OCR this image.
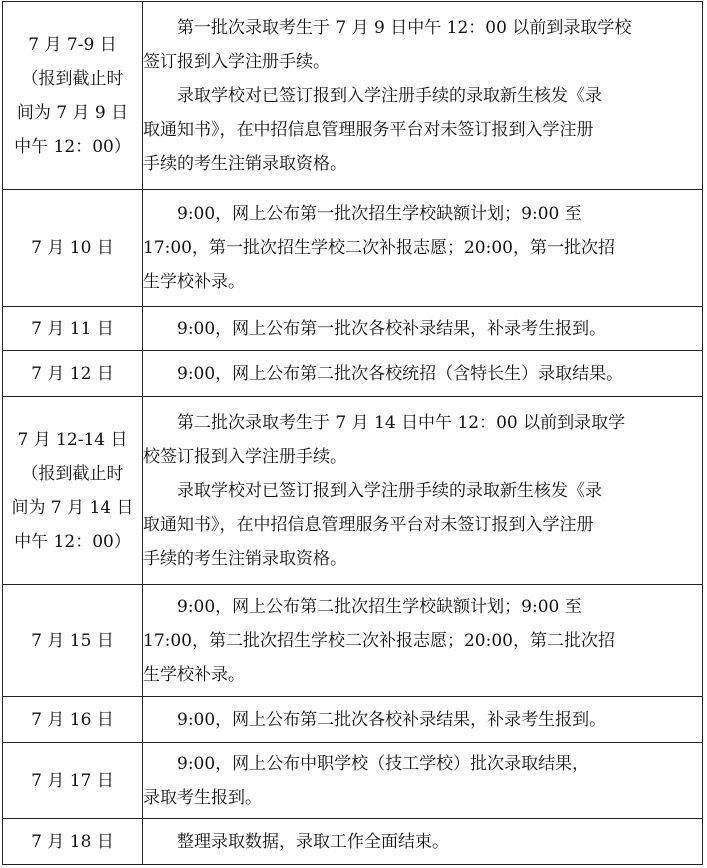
7 月 7-9 日
（报到截止时
间为 7 月 9 日
中午 12：00）	第一批次录取考生于 7 月 9 日中午 12：00 以前到录取学校
签订报到入学注册手续。
录取学校对已签订报到入学注册手续的录取新生核发《录
取通知书》，在中招信息管理服务平台对未签订报到入学注册
手续的考生注销录取资格。

7 月 10 日	9:00，网上公布第一批次招生学校缺额计划；9:00 至
17:00，第一批次招生学校二次补报志愿；20:00，第一批次招
生学校补录。

7 月 11 日	9:00，网上公布第一批次各校补录结果，补录考生报到。

7 月 12 日	9:00，网上公布第二批次各校统招（含特长生）录取结果。

7 月 12-14 日
（报到截止时
间为 7 月 14 日
中午 12：00）	第二批次录取考生于 7 月 14 日中午 12：00 以前到录取学
校签订报到入学注册手续。
录取学校对已签订报到入学注册手续的录取新生核发《录
取通知书》，在中招信息管理服务平台对未签订报到入学注册
手续的考生注销录取资格。

7 月 15 日	9:00，网上公布第二批次招生学校缺额计划；9:00 至
17:00，第二批次招生学校二次补报志愿；20:00，第二批次招
生学校补录。

7 月 16 日	9:00，网上公布第二批次各校补录结果，补录考生报到。

7 月 17 日	9:00，网上公布中职学校（技工学校）批次录取结果，
录取考生报到。

7 月 18 日	整理录取数据，录取工作全面结束。
